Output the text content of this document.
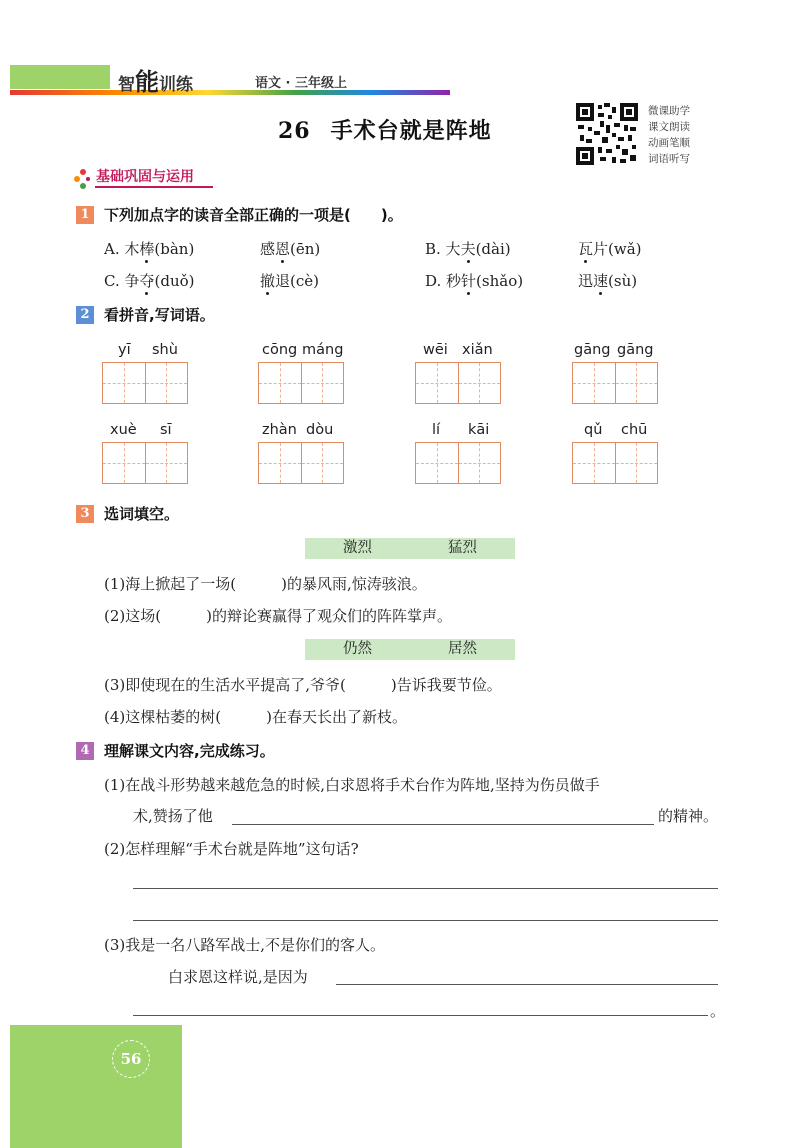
智能训练	语文 · 三年级上
26 手术台就是阵地
微课助学
课文朗读
动画笔顺
词语听写
基础巩固与运用
1 下列加点字的读音全部正确的一项是(　　)。
A. 木棒(bàn)	感恩(ēn)	B. 大夫(dài)	瓦片(wǎ)
C. 争夺(duǒ)	撤退(cè)	D. 秒针(shǎo)	迅速(sù)
2 看拼音,写词语。
yī shù	cōng máng	wēi xiǎn	gāng gāng
xuè sī	zhàn dòu	lí kāi	qǔ chū
3 选词填空。
激烈	猛烈
(1)海上掀起了一场(　　　)的暴风雨,惊涛骇浪。
(2)这场(　　　)的辩论赛赢得了观众们的阵阵掌声。
仍然	居然
(3)即使现在的生活水平提高了,爷爷(　　　)告诉我要节俭。
(4)这棵枯萎的树(　　　)在春天长出了新枝。
4 理解课文内容,完成练习。
(1)在战斗形势越来越危急的时候,白求恩将手术台作为阵地,坚持为伤员做手
术,赞扬了他	的精神。
(2)怎样理解“手术台就是阵地”这句话?
(3)我是一名八路军战士,不是你们的客人。
白求恩这样说,是因为
。
56
